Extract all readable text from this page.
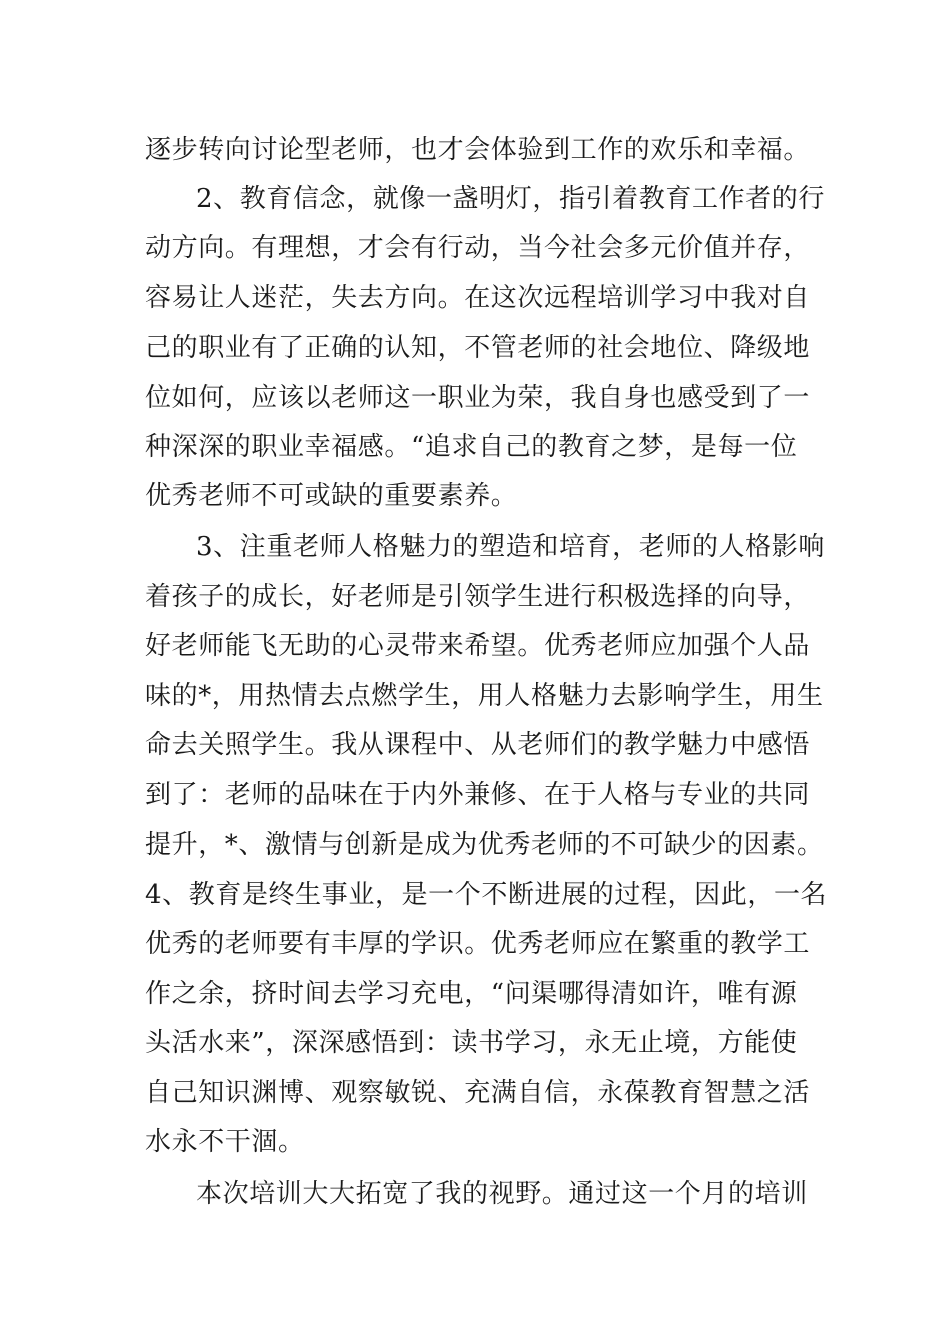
逐步转向讨论型老师，也才会体验到工作的欢乐和幸福。

2、教育信念，就像一盏明灯，指引着教育工作者的行

动方向。有理想，才会有行动，当今社会多元价值并存，

容易让人迷茫，失去方向。在这次远程培训学习中我对自

己的职业有了正确的认知，不管老师的社会地位、降级地

位如何，应该以老师这一职业为荣，我自身也感受到了一

种深深的职业幸福感。“追求自己的教育之梦，是每一位

优秀老师不可或缺的重要素养。

3、注重老师人格魅力的塑造和培育，老师的人格影响

着孩子的成长，好老师是引领学生进行积极选择的向导，

好老师能飞无助的心灵带来希望。优秀老师应加强个人品

味的*，用热情去点燃学生，用人格魅力去影响学生，用生

命去关照学生。我从课程中、从老师们的教学魅力中感悟

到了：老师的品味在于内外兼修、在于人格与专业的共同

提升，*、激情与创新是成为优秀老师的不可缺少的因素。

4、教育是终生事业，是一个不断进展的过程，因此，一名

优秀的老师要有丰厚的学识。优秀老师应在繁重的教学工

作之余，挤时间去学习充电，“问渠哪得清如许，唯有源

头活水来”，深深感悟到：读书学习，永无止境，方能使

自己知识渊博、观察敏锐、充满自信，永葆教育智慧之活

水永不干涸。

本次培训大大拓宽了我的视野。通过这一个月的培训
